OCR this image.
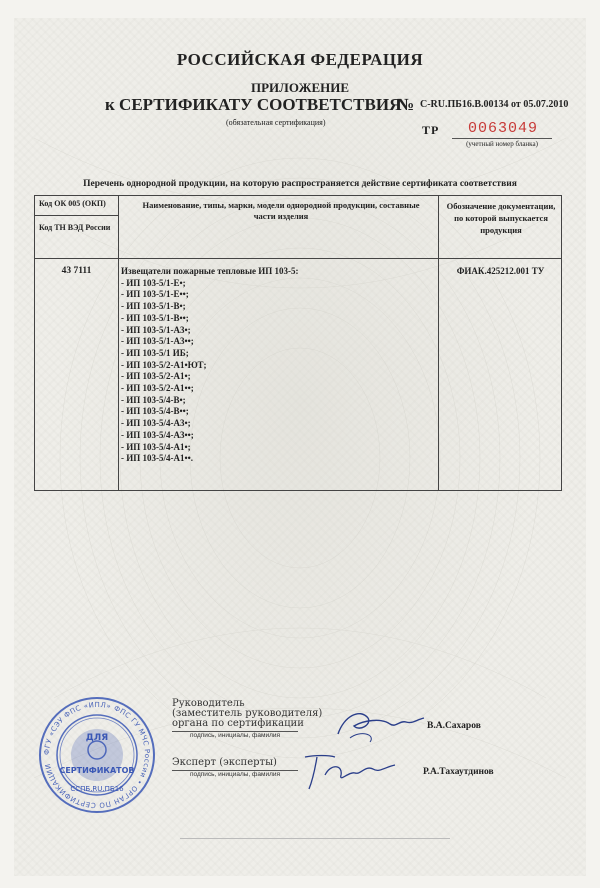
РОССИЙСКАЯ ФЕДЕРАЦИЯ
ПРИЛОЖЕНИЕ
к СЕРТИФИКАТУ СООТВЕТСТВИЯ
№ С-RU.ПБ16.В.00134 от 05.07.2010
(обязательная сертификация)
ТР 0063049
(учетный номер бланка)
Перечень однородной продукции, на которую распространяется действие сертификата соответствия
Код ОК 005 (ОКП)
Код ТН ВЭД России
Наименование, типы, марки, модели однородной продукции, составные части изделия
Обозначение документации, по которой выпускается продукция
43 7111	Извещатели пожарные тепловые ИП 103-5:
- ИП 103-5/1-Е•;
- ИП 103-5/1-Е••;
- ИП 103-5/1-В•;
- ИП 103-5/1-В••;
- ИП 103-5/1-А3•;
- ИП 103-5/1-А3••;
- ИП 103-5/1 ИБ;
- ИП 103-5/2-А1•ЮТ;
- ИП 103-5/2-А1•;
- ИП 103-5/2-А1••;
- ИП 103-5/4-В•;
- ИП 103-5/4-В••;
- ИП 103-5/4-А3•;
- ИП 103-5/4-А3••;
- ИП 103-5/4-А1•;
- ИП 103-5/4-А1••.
ФИАК.425212.001 ТУ
Руководитель
(заместитель руководителя)
органа по сертификации
подпись, инициалы, фамилия
В.А.Сахаров
Эксперт (эксперты)
подпись, инициалы, фамилия	Р.А.Тахаутдинов
ФГУ «СЭУ ФПС «ИПЛ» ФПС ГУ МЧС России • ОРГАН ПО СЕРТИФИКАЦИИ
ДЛЯ
СЕРТИФИКАТОВ
ССПБ.RU.ПБ16
